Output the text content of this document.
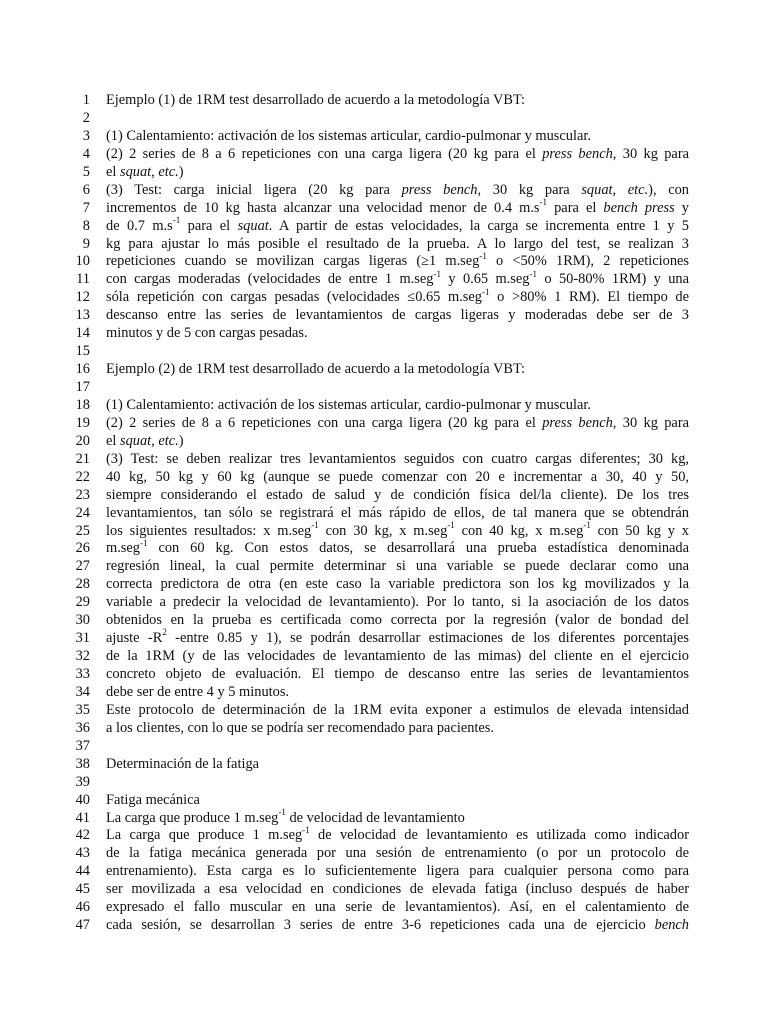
1 Ejemplo (1) de 1RM test desarrollado de acuerdo a la metodología VBT:
2
3 (1) Calentamiento: activación de los sistemas articular, cardio-pulmonar y muscular.
4 (2) 2 series de 8 a 6 repeticiones con una carga ligera (20 kg para el press bench, 30 kg para
5 el squat, etc.)
6 (3) Test: carga inicial ligera (20 kg para press bench, 30 kg para squat, etc.), con
7 incrementos de 10 kg hasta alcanzar una velocidad menor de 0.4 $m.s^{-1}$ para el bench press y
8 de 0.7 $m.s^{-1}$ para el squat. A partir de estas velocidades, la carga se incrementa entre 1 y 5
9 kg para ajustar lo más posible el resultado de la prueba. A lo largo del test, se realizan 3
10 repeticiones cuando se movilizan cargas ligeras (≥1 m.seg$^{-1}$ o <50% 1RM), 2 repeticiones
11 con cargas moderadas (velocidades de entre 1 m.seg$^{-1}$ y 0.65 m.seg$^{-1}$ o 50-80% 1RM) y una
12 sóla repetición con cargas pesadas (velocidades ≤0.65 m.seg$^{-1}$ o >80% 1 RM). El tiempo de
13 descanso entre las series de levantamientos de cargas ligeras y moderadas debe ser de 3
14 minutos y de 5 con cargas pesadas.
15
16 Ejemplo (2) de 1RM test desarrollado de acuerdo a la metodología VBT:
17
18 (1) Calentamiento: activación de los sistemas articular, cardio-pulmonar y muscular.
19 (2) 2 series de 8 a 6 repeticiones con una carga ligera (20 kg para el press bench, 30 kg para
20 el squat, etc.)
21 (3) Test: se deben realizar tres levantamientos seguidos con cuatro cargas diferentes; 30 kg,
22 40 kg, 50 kg y 60 kg (aunque se puede comenzar con 20 e incrementar a 30, 40 y 50,
23 siempre considerando el estado de salud y de condición física del/la cliente). De los tres
24 levantamientos, tan sólo se registrará el más rápido de ellos, de tal manera que se obtendrán
25 los siguientes resultados: x m.seg$^{-1}$ con 30 kg, x m.seg$^{-1}$ con 40 kg, x m.seg$^{-1}$ con 50 kg y x
26 m.seg$^{-1}$ con 60 kg. Con estos datos, se desarrollará una prueba estadística denominada
27 regresión lineal, la cual permite determinar si una variable se puede declarar como una
28 correcta predictora de otra (en este caso la variable predictora son los kg movilizados y la
29 variable a predecir la velocidad de levantamiento). Por lo tanto, si la asociación de los datos
30 obtenidos en la prueba es certificada como correcta por la regresión (valor de bondad del
31 ajuste $-R^2$ -entre 0.85 y 1), se podrán desarrollar estimaciones de los diferentes porcentajes
32 de la 1RM (y de las velocidades de levantamiento de las mimas) del cliente en el ejercicio
33 concreto objeto de evaluación. El tiempo de descanso entre las series de levantamientos
34 debe ser de entre 4 y 5 minutos.
35 Este protocolo de determinación de la 1RM evita exponer a estimulos de elevada intensidad
36 a los clientes, con lo que se podría ser recomendado para pacientes.
37
38 Determinación de la fatiga
39
40 Fatiga mecánica
41 La carga que produce 1 m.seg$^{-1}$ de velocidad de levantamiento
42 La carga que produce 1 m.seg$^{-1}$ de velocidad de levantamiento es utilizada como indicador
43 de la fatiga mecánica generada por una sesión de entrenamiento (o por un protocolo de
44 entrenamiento). Esta carga es lo suficientemente ligera para cualquier persona como para
45 ser movilizada a esa velocidad en condiciones de elevada fatiga (incluso después de haber
46 expresado el fallo muscular en una serie de levantamientos). Así, en el calentamiento de
47 cada sesión, se desarrollan 3 series de entre 3-6 repeticiones cada una de ejercicio bench
